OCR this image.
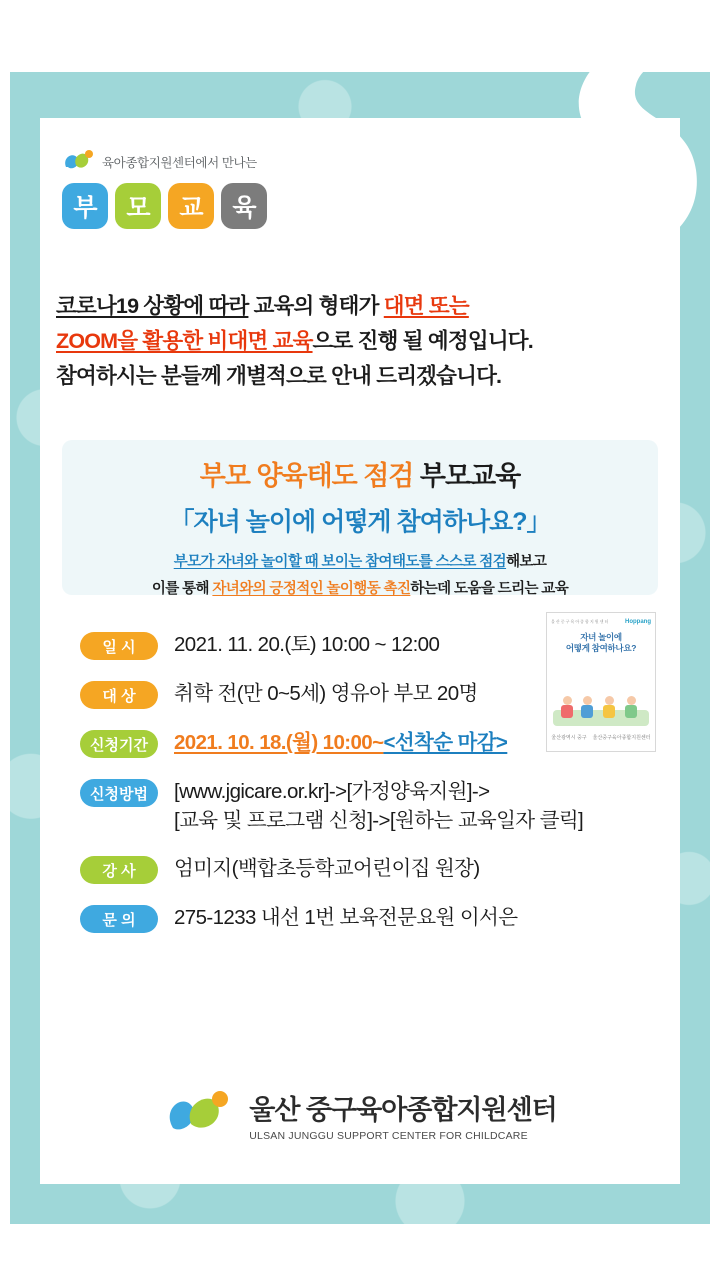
육아종합지원센터에서 만나는
부	모	교	육
코로나19 상황에 따라 교육의 형태가 대면 또는
ZOOM을 활용한 비대면 교육으로 진행 될 예정입니다.
참여하시는 분들께 개별적으로 안내 드리겠습니다.
부모 양육태도 점검 부모교육
「자녀 놀이에 어떻게 참여하나요?」
부모가 자녀와 놀이할 때 보이는 참여태도를 스스로 점검해보고
이를 통해 자녀와의 긍정적인 놀이행동 촉진하는데 도움을 드리는 교육
울산중구육아종합지원센터	Hoppang
자녀 놀이에
어떻게 참여하나요?
울산광역시 중구 울산중구육아종합지원센터
일 시	2021. 11. 20.(토) 10:00 ~ 12:00
대 상	취학 전(만 0~5세) 영유아 부모 20명
신청기간	2021. 10. 18.(월) 10:00~<선착순 마감>
신청방법	[www.jgicare.or.kr]->[가정양육지원]->
[교육 및 프로그램 신청]->[원하는 교육일자 클릭]
강 사	엄미지(백합초등학교어린이집 원장)
문 의	275-1233 내선 1번 보육전문요원 이서은
울산 중구육아종합지원센터
ULSAN JUNGGU SUPPORT CENTER FOR CHILDCARE
